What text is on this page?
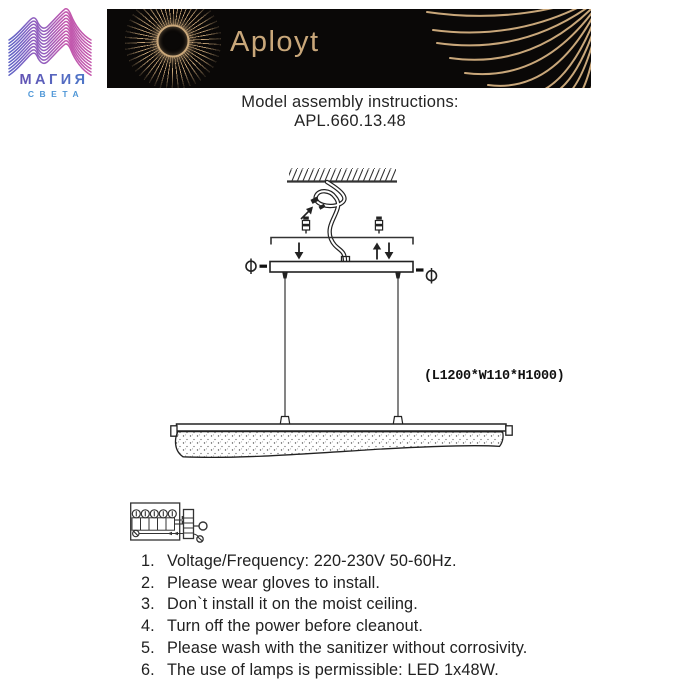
МАГИЯ
СВЕТА
Aployt
Model assembly instructions:
APL.660.13.48
(L1200*W110*H1000)
1. Voltage/Frequency: 220-230V 50-60Hz.
2. Please wear gloves to install.
3. Don`t install it on the moist ceiling.
4. Turn off the power before cleanout.
5. Please wash with the sanitizer without corrosivity.
6. The use of lamps is permissible: LED 1x48W.
